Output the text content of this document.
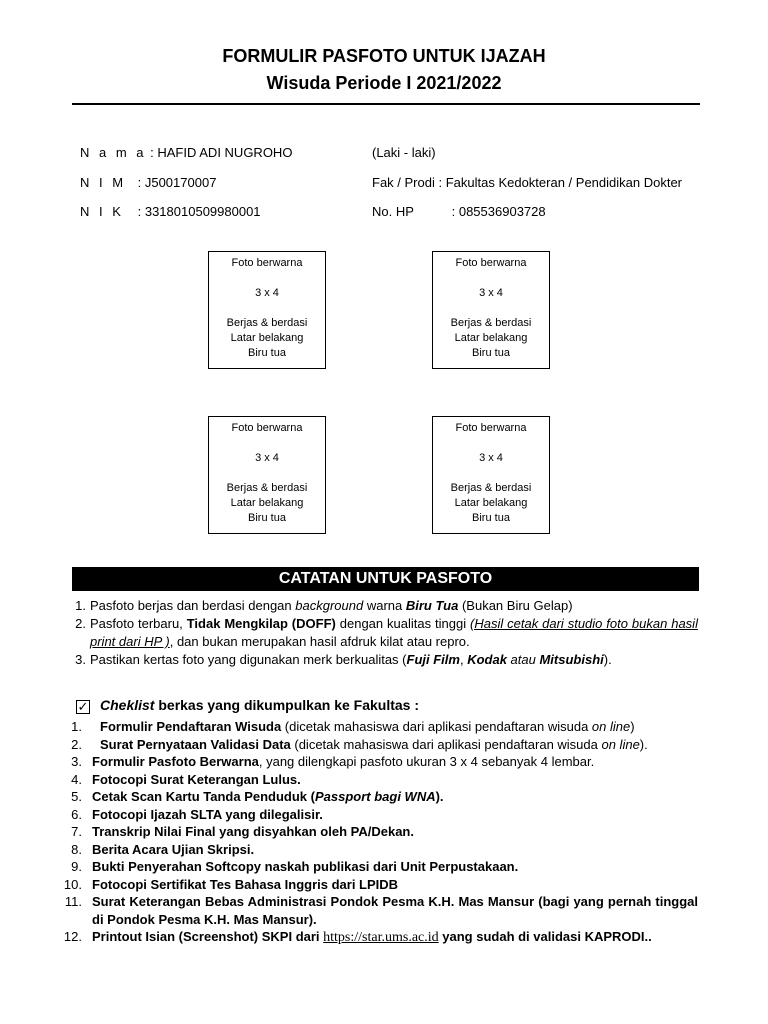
FORMULIR PASFOTO UNTUK IJAZAH
Wisuda Periode I 2021/2022
N a m a : HAFID ADI NUGROHO	(Laki - laki)
N I M : J500170007	Fak / Prodi : Fakultas Kedokteran / Pendidikan Dokter
N I K : 3318010509980001	No. HP	: 085536903728
Foto berwarna
3 x 4
Berjas & berdasi
Latar belakang
Biru tua
Foto berwarna
3 x 4
Berjas & berdasi
Latar belakang
Biru tua
Foto berwarna
3 x 4
Berjas & berdasi
Latar belakang
Biru tua
Foto berwarna
3 x 4
Berjas & berdasi
Latar belakang
Biru tua
CATATAN UNTUK PASFOTO
1. Pasfoto berjas dan berdasi dengan background warna Biru Tua (Bukan Biru Gelap)
2. Pasfoto terbaru, Tidak Mengkilap (DOFF) dengan kualitas tinggi (Hasil cetak dari studio foto bukan hasil print dari HP ), dan bukan merupakan hasil afdruk kilat atau repro.
3. Pastikan kertas foto yang digunakan merk berkualitas (Fuji Film, Kodak atau Mitsubishi).
✓ Cheklist berkas yang dikumpulkan ke Fakultas :
1. Formulir Pendaftaran Wisuda (dicetak mahasiswa dari aplikasi pendaftaran wisuda on line)
2. Surat Pernyataan Validasi Data (dicetak mahasiswa dari aplikasi pendaftaran wisuda on line).
3. Formulir Pasfoto Berwarna, yang dilengkapi pasfoto ukuran 3 x 4 sebanyak 4 lembar.
4. Fotocopi Surat Keterangan Lulus.
5. Cetak Scan Kartu Tanda Penduduk (Passport bagi WNA).
6. Fotocopi Ijazah SLTA yang dilegalisir.
7. Transkrip Nilai Final yang disyahkan oleh PA/Dekan.
8. Berita Acara Ujian Skripsi.
9. Bukti Penyerahan Softcopy naskah publikasi dari Unit Perpustakaan.
10. Fotocopi Sertifikat Tes Bahasa Inggris dari LPIDB
11. Surat Keterangan Bebas Administrasi Pondok Pesma K.H. Mas Mansur (bagi yang pernah tinggal di Pondok Pesma K.H. Mas Mansur).
12. Printout Isian (Screenshot) SKPI dari https://star.ums.ac.id yang sudah di validasi KAPRODI..
